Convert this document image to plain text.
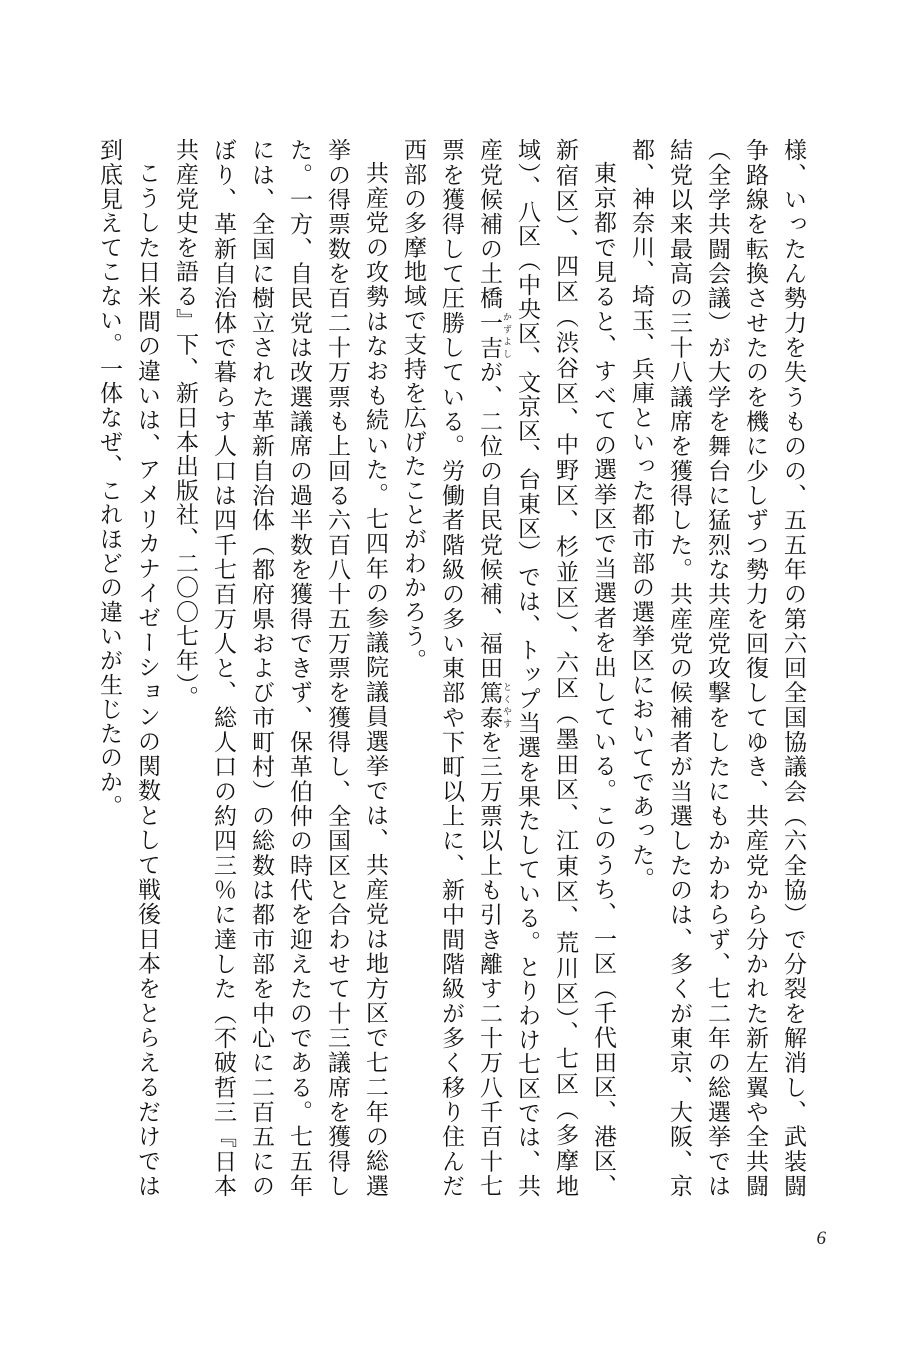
様、いったん勢力を失うものの、五五年の第六回全国協議会（六全協）で分裂を解消し、武装闘争路線を転換させたのを機に少しずつ勢力を回復してゆき、共産党から分かれた新左翼や全共闘（全学共闘会議）が大学を舞台に猛烈な共産党攻撃をしたにもかかわらず、七二年の総選挙では結党以来最高の三十八議席を獲得した。共産党の候補者が当選したのは、多くが東京、大阪、京都、神奈川、埼玉、兵庫といった都市部の選挙区においてであった。

東京都で見ると、すべての選挙区で当選者を出している。このうち、一区（千代田区、港区、新宿区）、四区（渋谷区、中野区、杉並区）、六区（墨田区、江東区、荒川区）、七区（多摩地域）、八区（中央区、文京区、台東区）では、トップ当選を果たしている。とりわけ七区では、共産党候補の土橋一吉 かずよしが、二位の自民党候補、福田篤泰 とくやすを三万票以上も引き離す二十万八千百十七票を獲得して圧勝している。労働者階級の多い東部や下町以上に、新中間階級が多く移り住んだ西部の多摩地域で支持を広げたことがわかろう。

共産党の攻勢はなおも続いた。七四年の参議院議員選挙では、共産党は地方区で七二年の総選挙の得票数を百二十万票も上回る六百八十五万票を獲得し、全国区と合わせて十三議席を獲得した。一方、自民党は改選議席の過半数を獲得できず、保革伯仲の時代を迎えたのである。七五年には、全国に樹立された革新自治体（都府県および市町村）の総数は都市部を中心に二百五にのぼり、革新自治体で暮らす人口は四千七百万人と、総人口の約四三％に達した（不破哲三『日本共産党史を語る』下、新日本出版社、二〇〇七年）。

こうした日米間の違いは、アメリカナイゼーションの関数として戦後日本をとらえるだけでは到底見えてこない。一体なぜ、これほどの違いが生じたのか。

6
